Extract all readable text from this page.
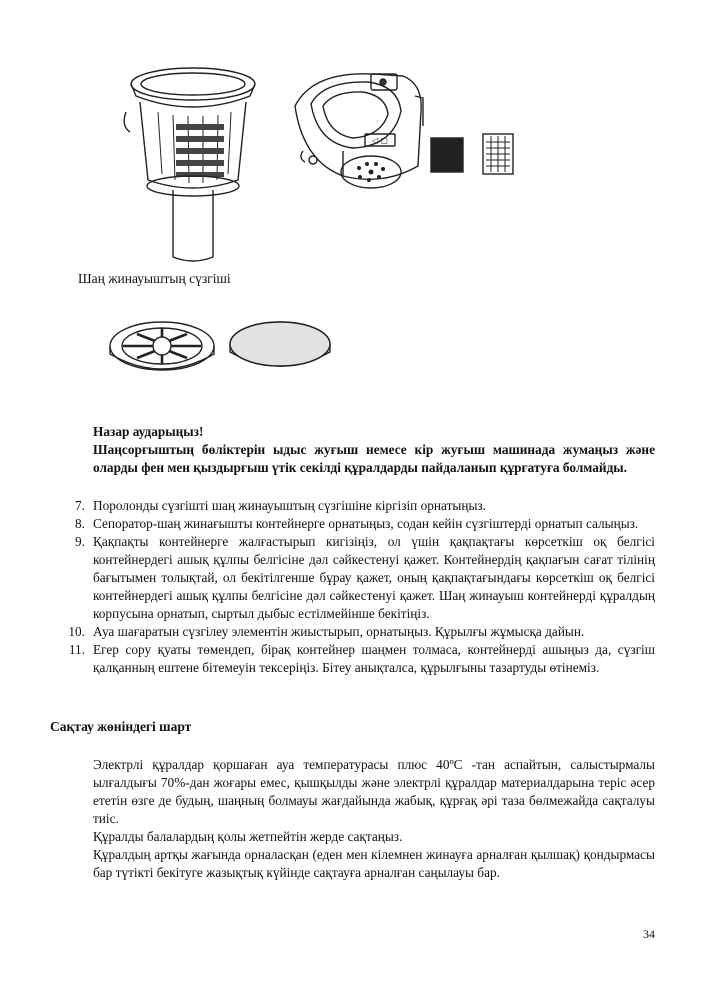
◁ ▢
Шаң жинауыштың сүзгіші

Назар аударыңыз!

Шаңсорғыштың бөліктерін ыдыс жуғыш немесе кір жуғыш машинада жумаңыз және оларды фен мен қыздырғыш үтік секілді құралдарды пайдаланып құрғатуға болмайды.

7. Поролонды сүзгішті шаң жинауыштың сүзгішіне кіргізіп орнатыңыз.
8. Сепоратор-шаң жинағышты контейнерге орнатыңыз, содан кейін сүзгіштерді орнатып салыңыз.
9. Қақпақты контейнерге жалғастырып кигізіңіз, ол үшін қақпақтағы көрсеткіш оқ белгісі контейнердегі ашық құлпы белгісіне дәл сәйкестенуі қажет. Контейнердің қақпағын сағат тілінің бағытымен толықтай, ол бекітілгенше бұрау қажет, оның қақпақтағындағы көрсеткіш оқ белгісі контейнердегі ашық құлпы белгісіне дәл сәйкестенуі қажет. Шаң жинауыш контейнерді құралдың корпусына орнатып, сыртыл дыбыс естілмейінше бекітіңіз.
10. Ауа шағаратын сүзгілеу элементін жиыстырып, орнатыңыз. Құрылғы жұмысқа дайын.
11. Егер сору қуаты төмендеп, бірақ контейнер шаңмен толмаса, контейнерді ашыңыз да, сүзгіш қалқанның ештене бітемеуін тексеріңіз. Бітеу анықталса, құрылғыны тазартуды өтінеміз.
Сақтау жөніндегі шарт

Электрлі құралдар қоршаған ауа температурасы плюс 40ºС -тан аспайтын, салыстырмалы ылғалдығы 70%-дан жоғары емес, қышқылды және электрлі құралдар материалдарына теріс әсер ететін өзге де будың, шаңның болмауы жағдайында жабық, құрғақ әрі таза бөлмежайда сақталуы тиіс.

Құралды балалардың қолы жетпейтін жерде сақтаңыз.

Құралдың артқы жағында орналасқан (еден мен кілемнен жинауға арналған қылшақ) қондырмасы бар түтікті бекітуге жазықтық күйінде сақтауға арналған саңылауы бар.

34
